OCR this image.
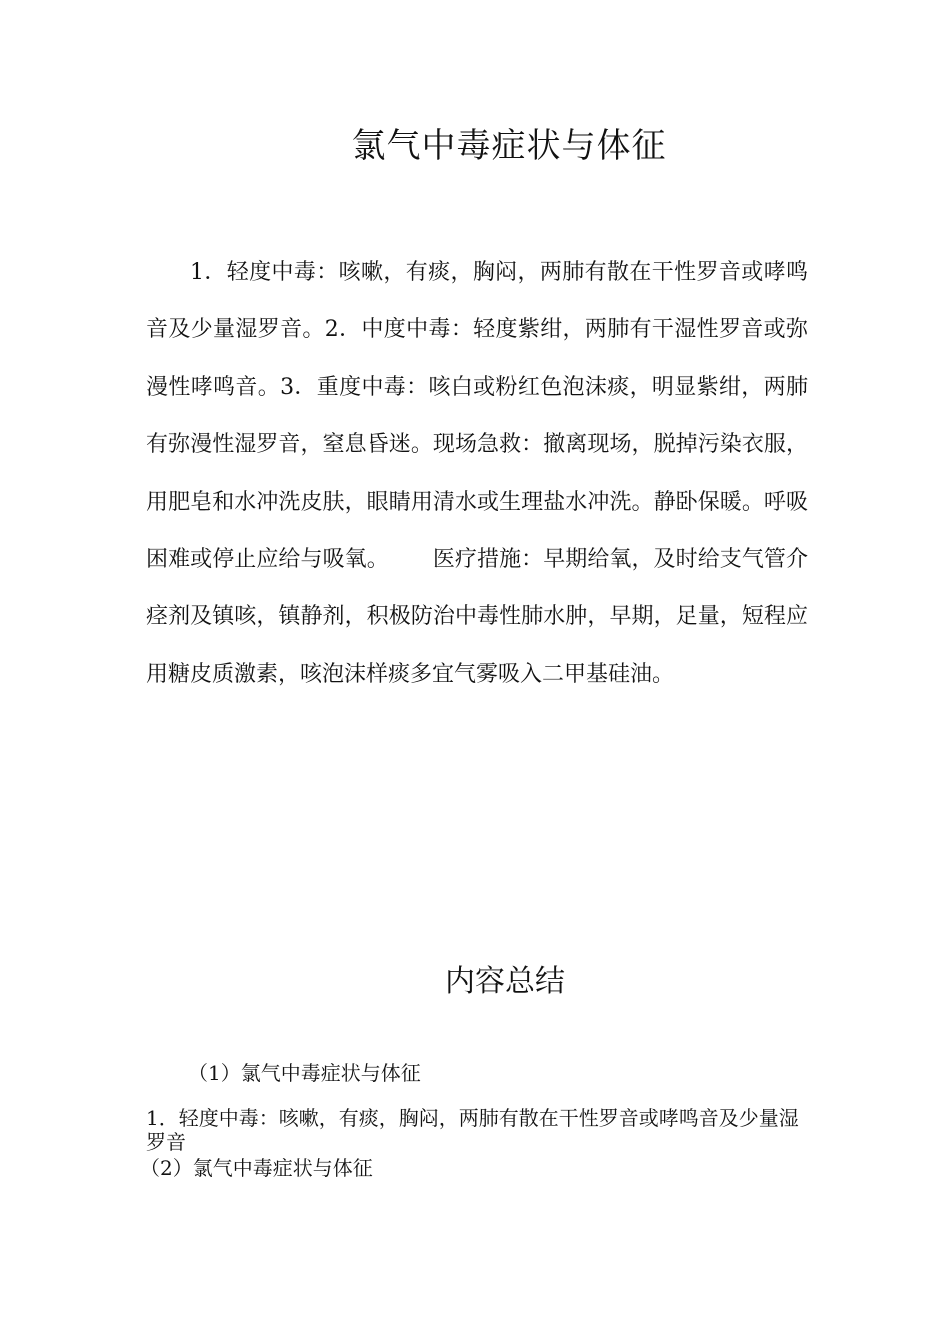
氯气中毒症状与体征

1．轻度中毒：咳嗽，有痰，胸闷，两肺有散在干性罗音或哮鸣音及少量湿罗音。2．中度中毒：轻度紫绀，两肺有干湿性罗音或弥漫性哮鸣音。3．重度中毒：咳白或粉红色泡沫痰，明显紫绀，两肺有弥漫性湿罗音，窒息昏迷。现场急救：撤离现场，脱掉污染衣服，用肥皂和水冲洗皮肤，眼睛用清水或生理盐水冲洗。静卧保暖。呼吸困难或停止应给与吸氧。 医疗措施：早期给氧，及时给支气管介痉剂及镇咳，镇静剂，积极防治中毒性肺水肿，早期，足量，短程应用糖皮质激素，咳泡沫样痰多宜气雾吸入二甲基硅油。

内容总结

（1）氯气中毒症状与体征

1．轻度中毒：咳嗽，有痰，胸闷，两肺有散在干性罗音或哮鸣音及少量湿罗音

（2）氯气中毒症状与体征
